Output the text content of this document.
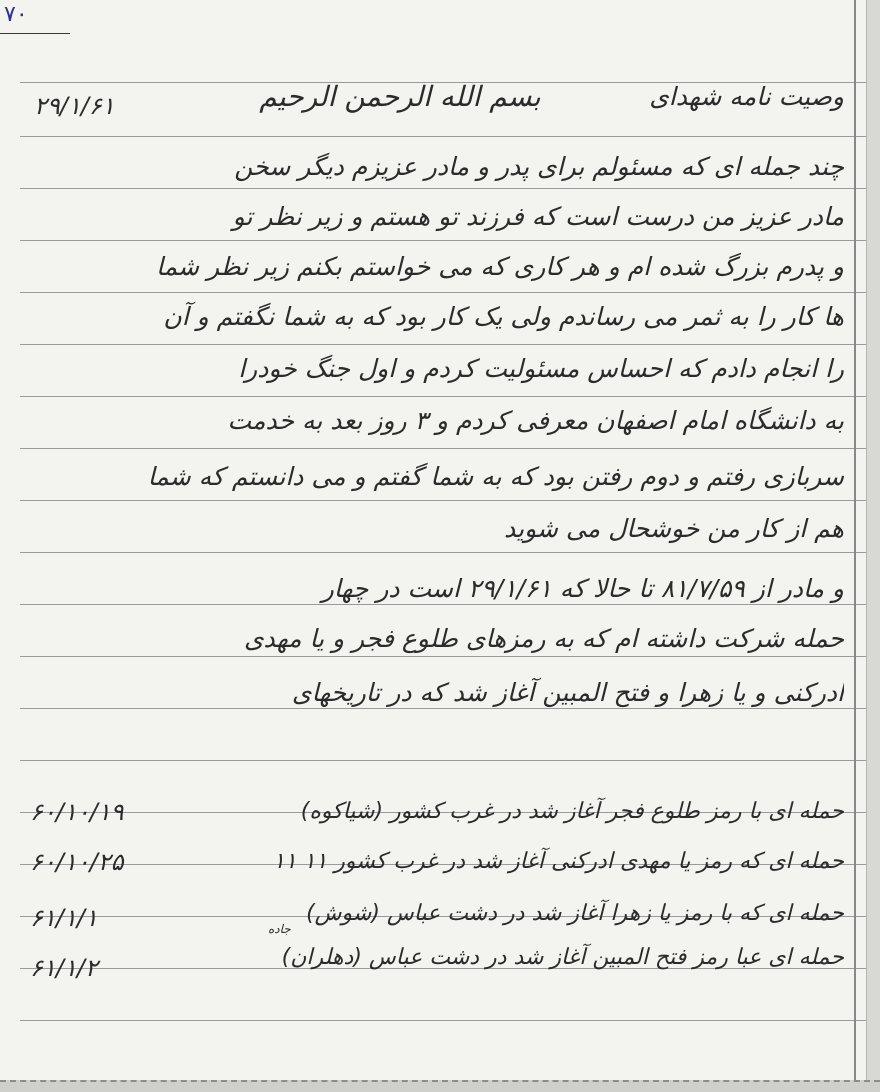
۷۰
وصیت نامه شهدای
بسم الله الرحمن الرحیم
۲۹/۱/۶۱
چند جمله ای که مسئولم برای پدر و مادر عزیزم دیگر سخن
مادر عزیز من درست است که فرزند تو هستم و زیر نظر تو
و پدرم بزرگ شده ام و هر کاری که می خواستم بکنم زیر نظر شما
ها کار را به ثمر می رساندم ولی یک کار بود که به شما نگفتم و آن
را انجام دادم که احساس مسئولیت کردم و اول جنگ خودرا
به دانشگاه امام اصفهان معرفی کردم و ۳ روز بعد به خدمت
سربازی رفتم و دوم رفتن بود که به شما گفتم و می دانستم که شما
هم از کار من خوشحال می شوید
و مادر از ۸۱/۷/۵۹ تا حالا که ۲۹/۱/۶۱ است در چهار
حمله شرکت داشته ام که به رمزهای طلوع فجر و یا مهدی
ادرکنی و یا زهرا و فتح المبین آغاز شد که در تاریخهای
حمله ای با رمز طلوع فجر آغاز شد در غرب کشور (شیاکوه)
۶۰/۱۰/۱۹
حمله ای که رمز یا مهدی ادرکنی آغاز شد در غرب کشور ۱۱ ۱۱
۶۰/۱۰/۲۵
حمله ای که با رمز یا زهرا آغاز شد در دشت عباس (شوش)
۶۱/۱/۱	جاده
حمله ای عبا رمز فتح المبین آغاز شد در دشت عباس (دهلران)
۶۱/۱/۲
